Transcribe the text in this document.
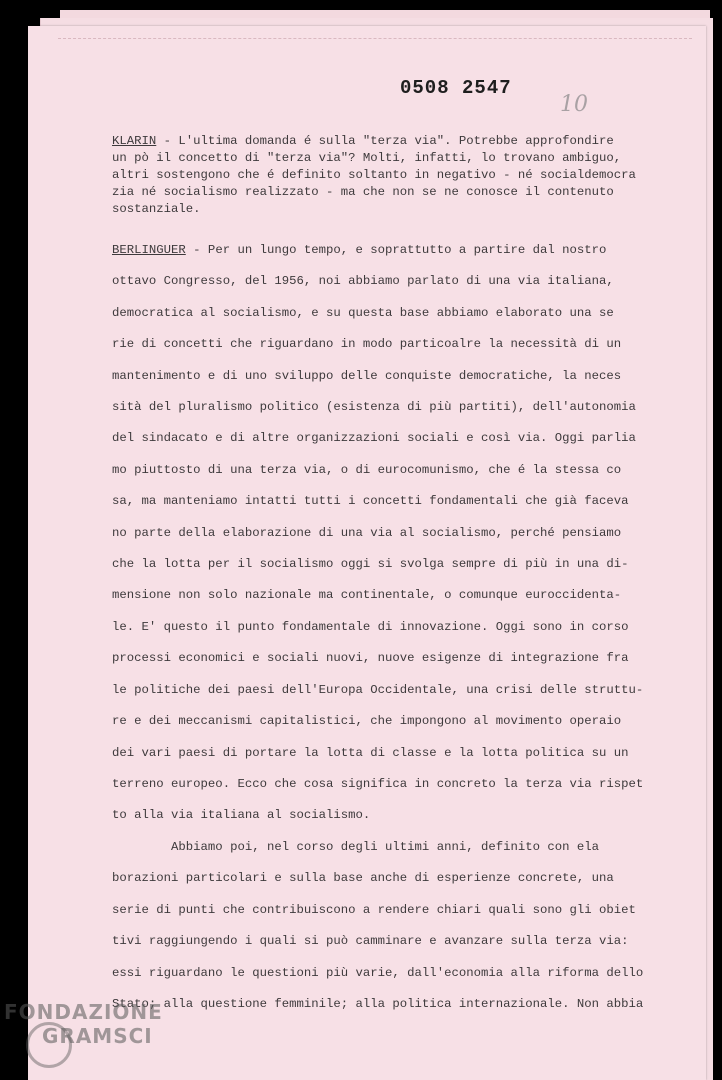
0508 2547
10
KLARIN - L'ultima domanda é sulla "terza via". Potrebbe approfondire
un pò il concetto di "terza via"? Molti, infatti, lo trovano ambiguo,
altri sostengono che é definito soltanto in negativo - né socialdemocra
zia né socialismo realizzato - ma che non se ne conosce il contenuto
sostanziale.
BERLINGUER - Per un lungo tempo, e soprattutto a partire dal nostro
ottavo Congresso, del 1956, noi abbiamo parlato di una via italiana,
democratica al socialismo, e su questa base abbiamo elaborato una se
rie di concetti che riguardano in modo particoalre la necessità di un
mantenimento e di uno sviluppo delle conquiste democratiche, la neces
sità del pluralismo politico (esistenza di più partiti), dell'autonomia
del sindacato e di altre organizzazioni sociali e così via. Oggi parlia
mo piuttosto di una terza via, o di eurocomunismo, che é la stessa co
sa, ma manteniamo intatti tutti i concetti fondamentali che già faceva
no parte della elaborazione di una via al socialismo, perché pensiamo
che la lotta per il socialismo oggi si svolga sempre di più in una di-
mensione non solo nazionale ma continentale, o comunque euroccidenta-
le. E' questo il punto fondamentale di innovazione. Oggi sono in corso
processi economici e sociali nuovi, nuove esigenze di integrazione fra
le politiche dei paesi dell'Europa Occidentale, una crisi delle struttu-
re e dei meccanismi capitalistici, che impongono al movimento operaio
dei vari paesi di portare la lotta di classe e la lotta politica su un
terreno europeo. Ecco che cosa significa in concreto la terza via rispet
to alla via italiana al socialismo.
Abbiamo poi, nel corso degli ultimi anni, definito con ela
borazioni particolari e sulla base anche di esperienze concrete, una
serie di punti che contribuiscono a rendere chiari quali sono gli obiet
tivi raggiungendo i quali si può camminare e avanzare sulla terza via:
essi riguardano le questioni più varie, dall'economia alla riforma dello
Stato; alla questione femminile; alla politica internazionale. Non abbia
FONDAZIONE
GRAMSCI
